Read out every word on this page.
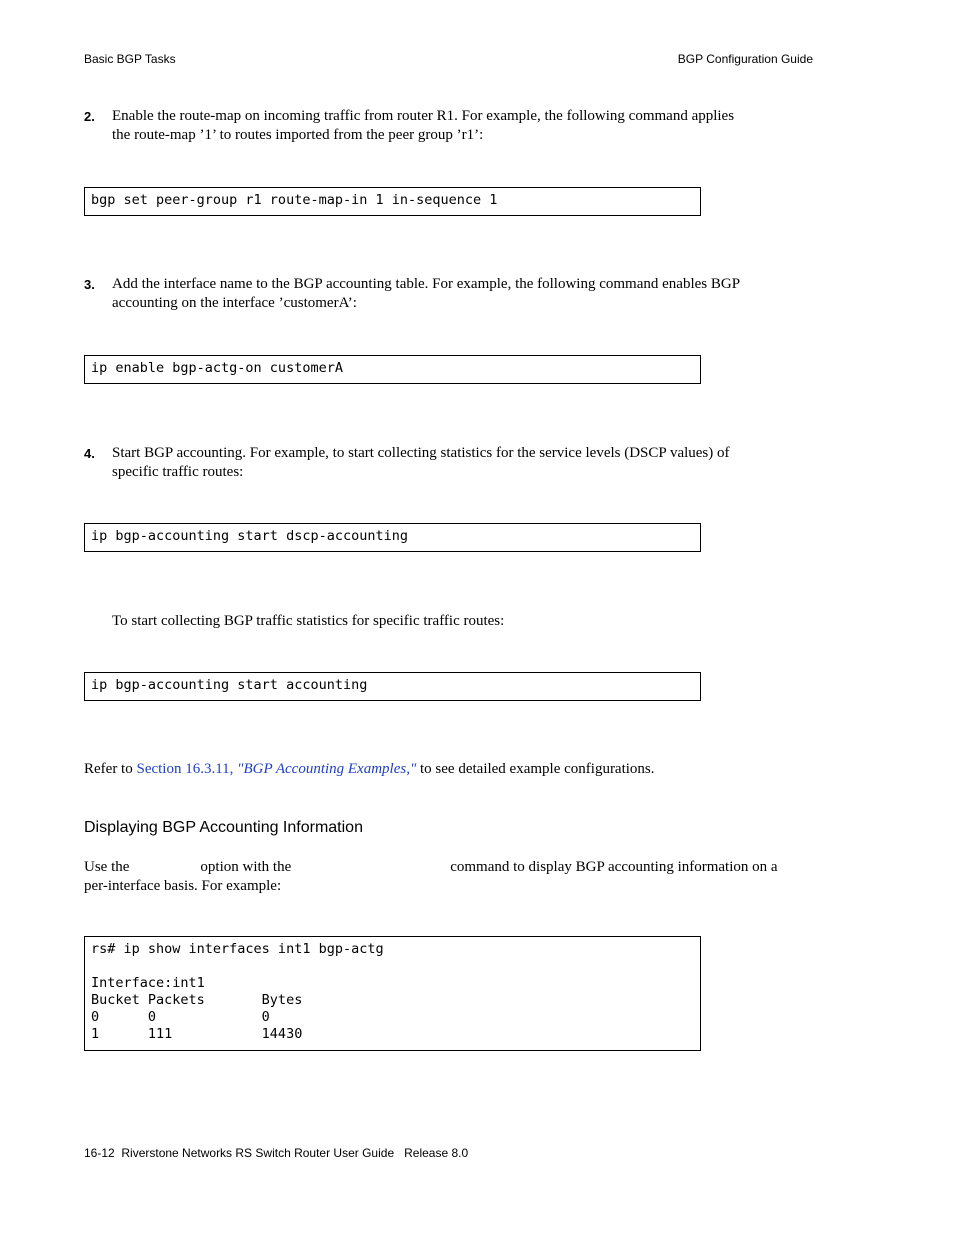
Basic BGP Tasks	BGP Configuration Guide
2. Enable the route-map on incoming traffic from router R1. For example, the following command applies the route-map ’1’ to routes imported from the peer group ’r1’:
bgp set peer-group r1 route-map-in 1 in-sequence 1
3. Add the interface name to the BGP accounting table. For example, the following command enables BGP accounting on the interface ’customerA’:
ip enable bgp-actg-on customerA
4. Start BGP accounting. For example, to start collecting statistics for the service levels (DSCP values) of specific traffic routes:
ip bgp-accounting start dscp-accounting
To start collecting BGP traffic statistics for specific traffic routes:
ip bgp-accounting start accounting
Refer to Section 16.3.11, "BGP Accounting Examples," to see detailed example configurations.
Displaying BGP Accounting Information
Use the	option with the	command to display BGP accounting information on a
per-interface basis. For example:
rs# ip show interfaces int1 bgp-actg

Interface:int1
Bucket Packets       Bytes
0      0             0
1      111           14430
16-12  Riverstone Networks RS Switch Router User Guide   Release 8.0
